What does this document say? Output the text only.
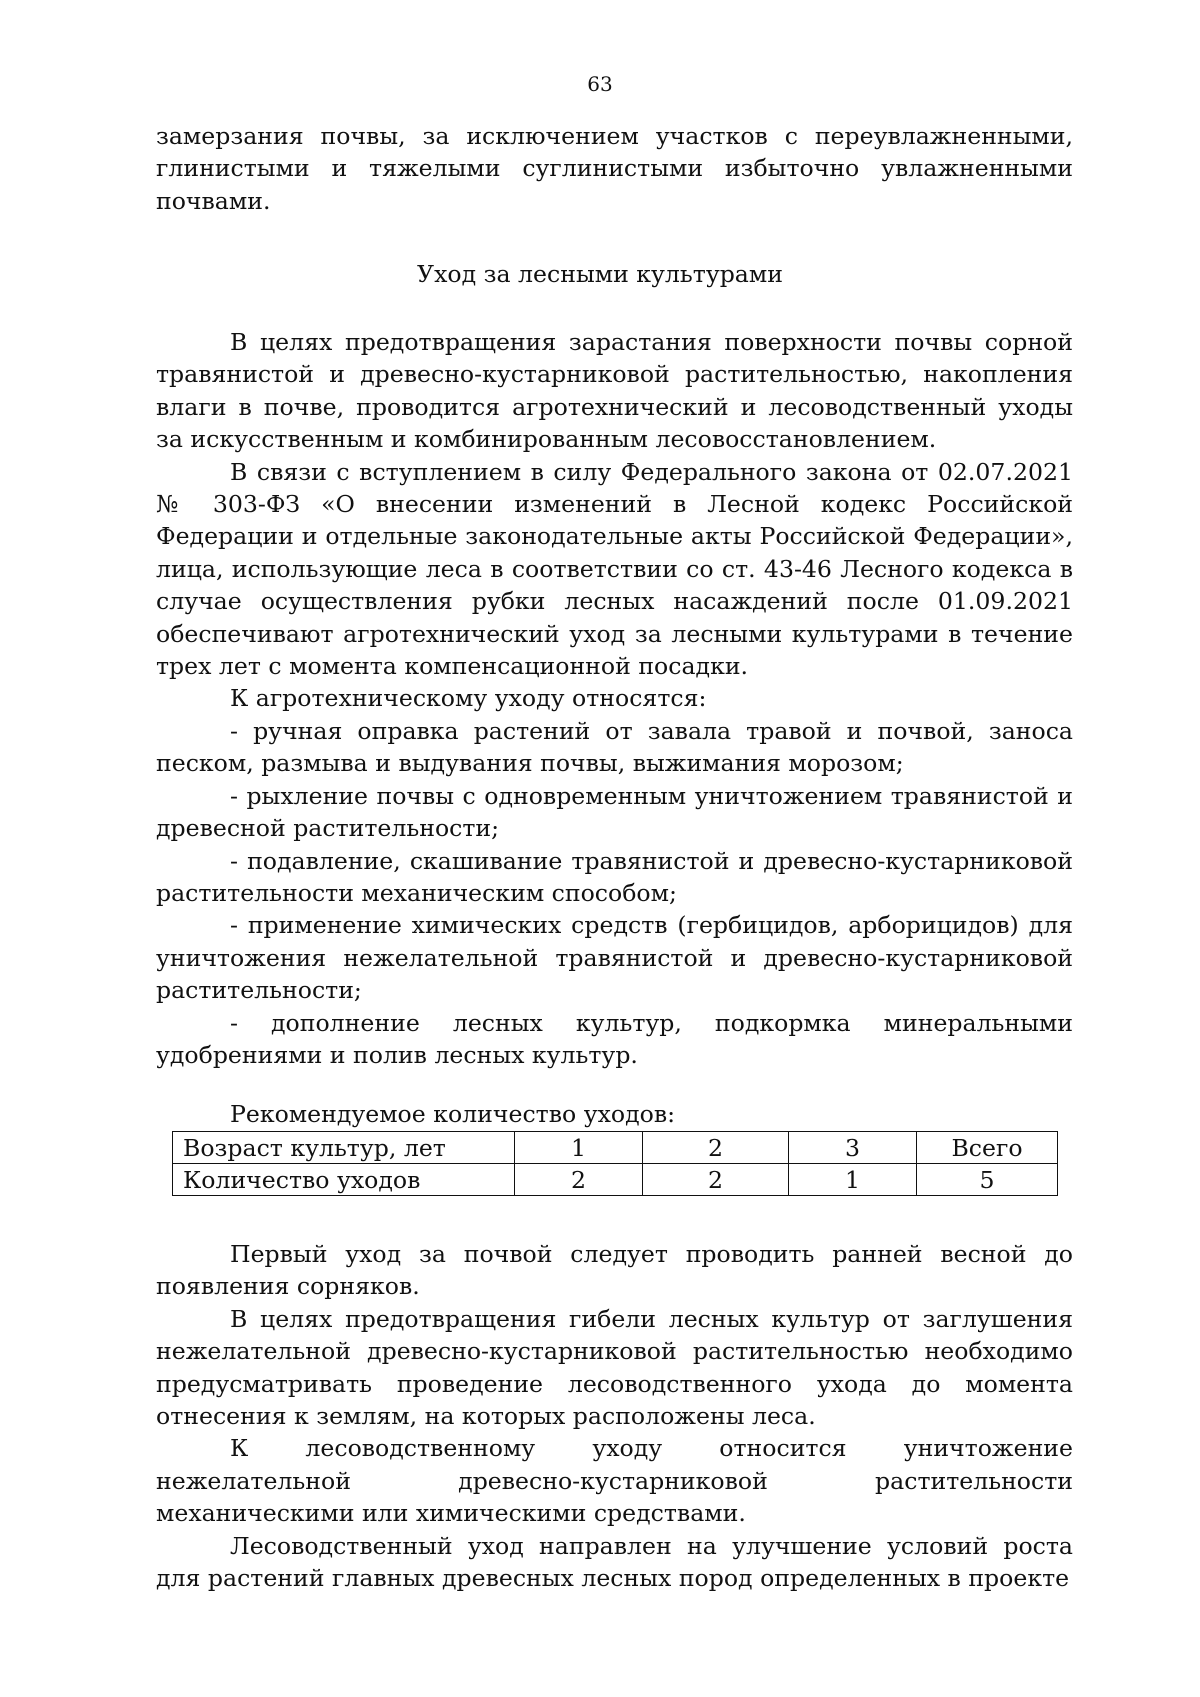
63

замерзания почвы, за исключением участков с переувлажненными, глинистыми и тяжелыми суглинистыми избыточно увлажненными почвами.

Уход за лесными культурами

В целях предотвращения зарастания поверхности почвы сорной травянистой и древесно-кустарниковой растительностью, накопления влаги в почве, проводится агротехнический и лесоводственный уходы за искусственным и комбинированным лесовосстановлением.

В связи с вступлением в силу Федерального закона от 02.07.2021 № 303-ФЗ «О внесении изменений в Лесной кодекс Российской Федерации и отдельные законодательные акты Российской Федерации», лица, использующие леса в соответствии со ст. 43-46 Лесного кодекса в случае осуществления рубки лесных насаждений после 01.09.2021 обеспечивают агротехнический уход за лесными культурами в течение трех лет с момента компенсационной посадки.

К агротехническому уходу относятся:

- ручная оправка растений от завала травой и почвой, заноса песком, размыва и выдувания почвы, выжимания морозом;

- рыхление почвы с одновременным уничтожением травянистой и древесной растительности;

- подавление, скашивание травянистой и древесно-кустарниковой растительности механическим способом;

- применение химических средств (гербицидов, арборицидов) для уничтожения нежелательной травянистой и древесно-кустарниковой растительности;

- дополнение лесных культур, подкормка минеральными удобрениями и полив лесных культур.

Рекомендуемое количество уходов:
Возраст культур, лет	1	2	3	Всего
Количество уходов	2	2	1	5

Первый уход за почвой следует проводить ранней весной до появления сорняков.

В целях предотвращения гибели лесных культур от заглушения нежелательной древесно-кустарниковой растительностью необходимо предусматривать проведение лесоводственного ухода до момента отнесения к землям, на которых расположены леса.

К лесоводственному уходу относится уничтожение нежелательной древесно-кустарниковой растительности механическими или химическими средствами.

Лесоводственный уход направлен на улучшение условий роста для растений главных древесных лесных пород определенных в проекте
